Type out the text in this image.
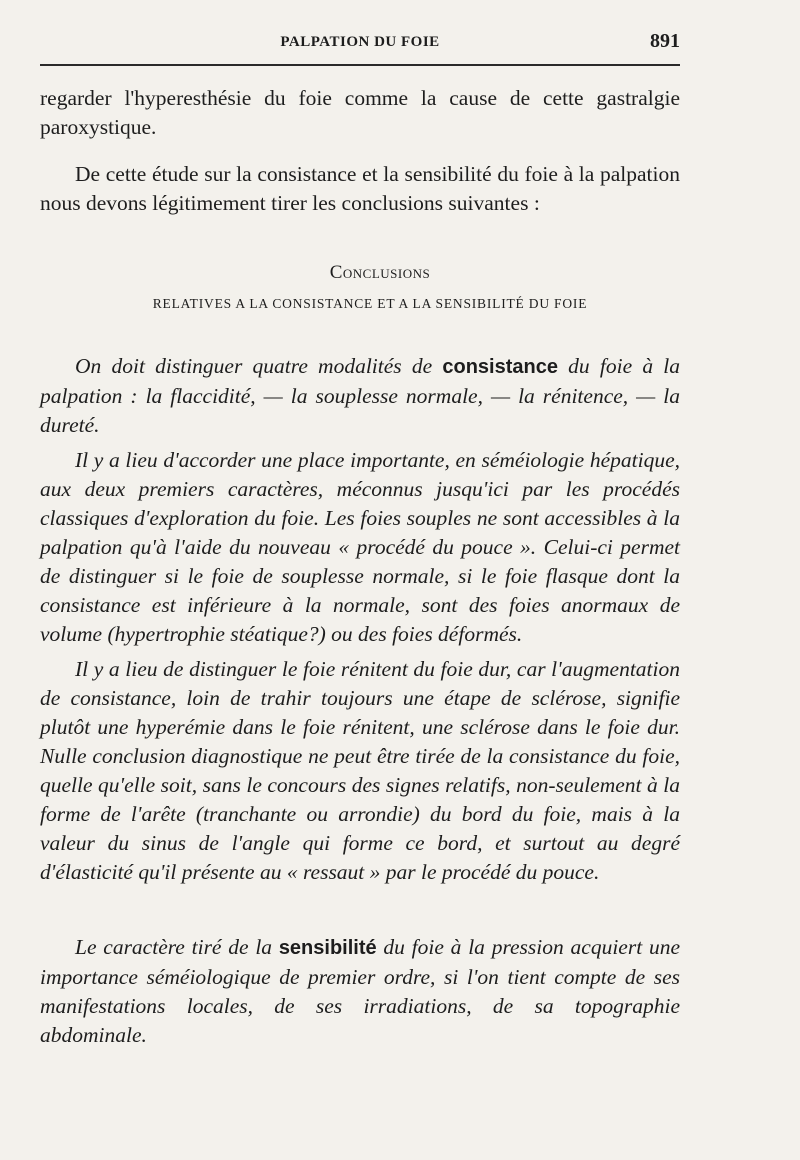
PALPATION DU FOIE	891

regarder l'hyperesthésie du foie comme la cause de cette gastralgie paroxystique.

De cette étude sur la consistance et la sensibilité du foie à la palpation nous devons légitimement tirer les conclusions suivantes :

Conclusions
RELATIVES A LA CONSISTANCE ET A LA SENSIBILITÉ DU FOIE

On doit distinguer quatre modalités de consistance du foie à la palpation : la flaccidité, — la souplesse normale, — la rénitence, — la dureté.

Il y a lieu d'accorder une place importante, en séméiologie hépatique, aux deux premiers caractères, méconnus jusqu'ici par les procédés classiques d'exploration du foie. Les foies souples ne sont accessibles à la palpation qu'à l'aide du nouveau « procédé du pouce ». Celui-ci permet de distinguer si le foie de souplesse normale, si le foie flasque dont la consistance est inférieure à la normale, sont des foies anormaux de volume (hypertrophie stéatique?) ou des foies déformés.

Il y a lieu de distinguer le foie rénitent du foie dur, car l'augmentation de consistance, loin de trahir toujours une étape de sclérose, signifie plutôt une hyperémie dans le foie rénitent, une sclérose dans le foie dur. Nulle conclusion diagnostique ne peut être tirée de la consistance du foie, quelle qu'elle soit, sans le concours des signes relatifs, non-seulement à la forme de l'arête (tranchante ou arrondie) du bord du foie, mais à la valeur du sinus de l'angle qui forme ce bord, et surtout au degré d'élasticité qu'il présente au « ressaut » par le procédé du pouce.

Le caractère tiré de la sensibilité du foie à la pression acquiert une importance séméiologique de premier ordre, si l'on tient compte de ses manifestations locales, de ses irradiations, de sa topographie abdominale.
